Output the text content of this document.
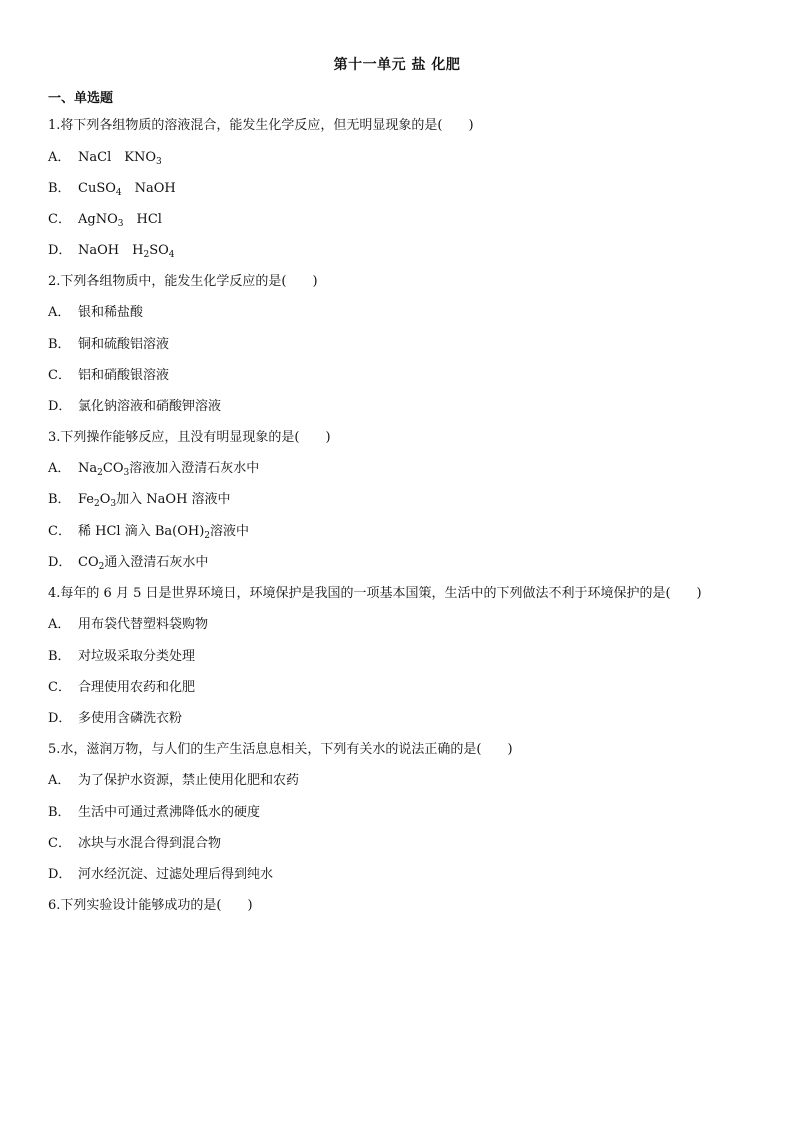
第十一单元 盐 化肥
一、单选题
1.将下列各组物质的溶液混合，能发生化学反应，但无明显现象的是(　　)
A． NaCl　$KNO_3$
B． CuSO$_4$　NaOH
C． AgNO$_3$　HCl
D． NaOH　$H_2SO_4$
2.下列各组物质中，能发生化学反应的是(　　)
A． 银和稀盐酸
B． 铜和硫酸铝溶液
C． 铝和硝酸银溶液
D． 氯化钠溶液和硝酸钾溶液
3.下列操作能够反应，且没有明显现象的是(　　)
A． $Na_2CO_3$溶液加入澄清石灰水中
B． $Fe_2O_3$加入 NaOH 溶液中
C． 稀 HCl 滴入 $Ba(OH)_2$溶液中
D． $CO_2$通入澄清石灰水中
4.每年的 6 月 5 日是世界环境日，环境保护是我国的一项基本国策，生活中的下列做法不利于环境保护的是(　　)
A． 用布袋代替塑料袋购物
B． 对垃圾采取分类处理
C． 合理使用农药和化肥
D． 多使用含磷洗衣粉
5.水，滋润万物，与人们的生产生活息息相关，下列有关水的说法正确的是(　　)
A． 为了保护水资源，禁止使用化肥和农药
B． 生活中可通过煮沸降低水的硬度
C． 冰块与水混合得到混合物
D． 河水经沉淀、过滤处理后得到纯水
6.下列实验设计能够成功的是(　　)
